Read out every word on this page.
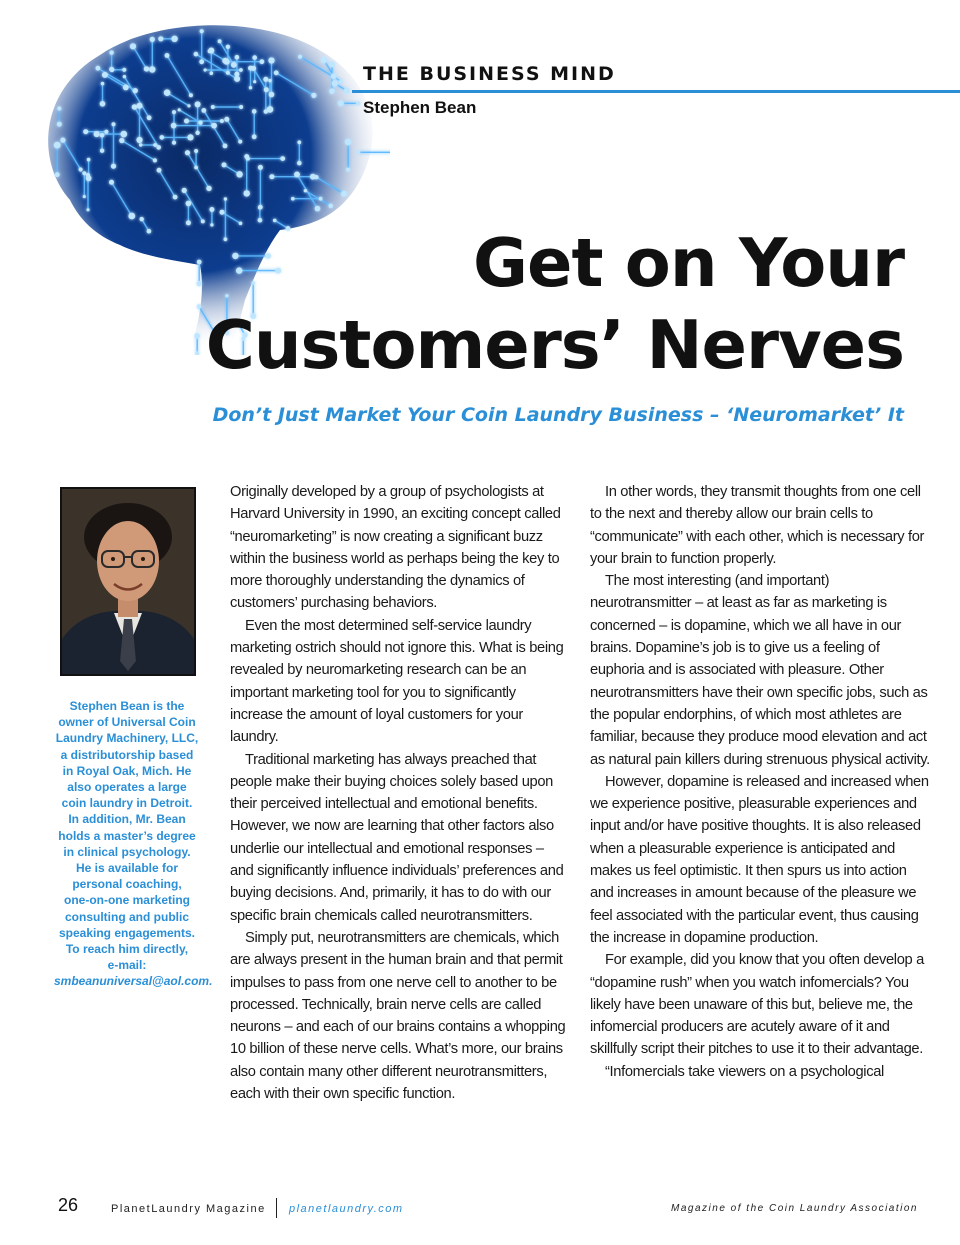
THE BUSINESS MIND
Stephen Bean
Get on Your
Customers’ Nerves
Don’t Just Market Your Coin Laundry Business – ‘Neuromarket’ It
Stephen Bean is the
owner of Universal Coin
Laundry Machinery, LLC,
a distributorship based
in Royal Oak, Mich. He
also operates a large
coin laundry in Detroit.
In addition, Mr. Bean
holds a master’s degree
in clinical psychology.
He is available for
personal coaching,
one-on-one marketing
consulting and public
speaking engagements.
To reach him directly,
e-mail:
smbeanuniversal@aol.com.

Originally developed by a group of psychologists at Harvard University in 1990, an exciting concept called “neuromarketing” is now creating a significant buzz within the business world as perhaps being the key to more thoroughly understanding the dynamics of customers’ purchasing behaviors.

Even the most determined self-service laundry marketing ostrich should not ignore this. What is being revealed by neuromarketing research can be an important marketing tool for you to significantly increase the amount of loyal customers for your laundry.

Traditional marketing has always preached that people make their buying choices solely based upon their perceived intellectual and emotional benefits. However, we now are learning that other factors also underlie our intellectual and emotional responses – and significantly influence individuals’ preferences and buying decisions. And, primarily, it has to do with our specific brain chemicals called neurotransmitters.

Simply put, neurotransmitters are chemicals, which are always present in the human brain and that permit impulses to pass from one nerve cell to another to be processed. Technically, brain nerve cells are called neurons – and each of our brains contains a whopping 10 billion of these nerve cells. What’s more, our brains also contain many other different neurotransmitters, each with their own specific function.

In other words, they transmit thoughts from one cell to the next and thereby allow our brain cells to “communicate” with each other, which is necessary for your brain to function properly.

The most interesting (and important) neurotransmitter – at least as far as marketing is concerned – is dopamine, which we all have in our brains. Dopamine’s job is to give us a feeling of euphoria and is associated with pleasure. Other neurotransmitters have their own specific jobs, such as the popular endorphins, of which most athletes are familiar, because they produce mood elevation and act as natural pain killers during strenuous physical activity.

However, dopamine is released and increased when we experience positive, pleasurable experiences and input and/or have positive thoughts. It is also released when a pleasurable experience is anticipated and makes us feel optimistic. It then spurs us into action and increases in amount because of the pleasure we feel associated with the particular event, thus causing the increase in dopamine production.

For example, did you know that you often develop a “dopamine rush” when you watch infomercials? You likely have been unaware of this but, believe me, the infomercial producers are acutely aware of it and skillfully script their pitches to use it to their advantage.

“Infomercials take viewers on a psychological

26	PlanetLaundry Magazine planetlaundry.com	Magazine of the Coin Laundry Association
